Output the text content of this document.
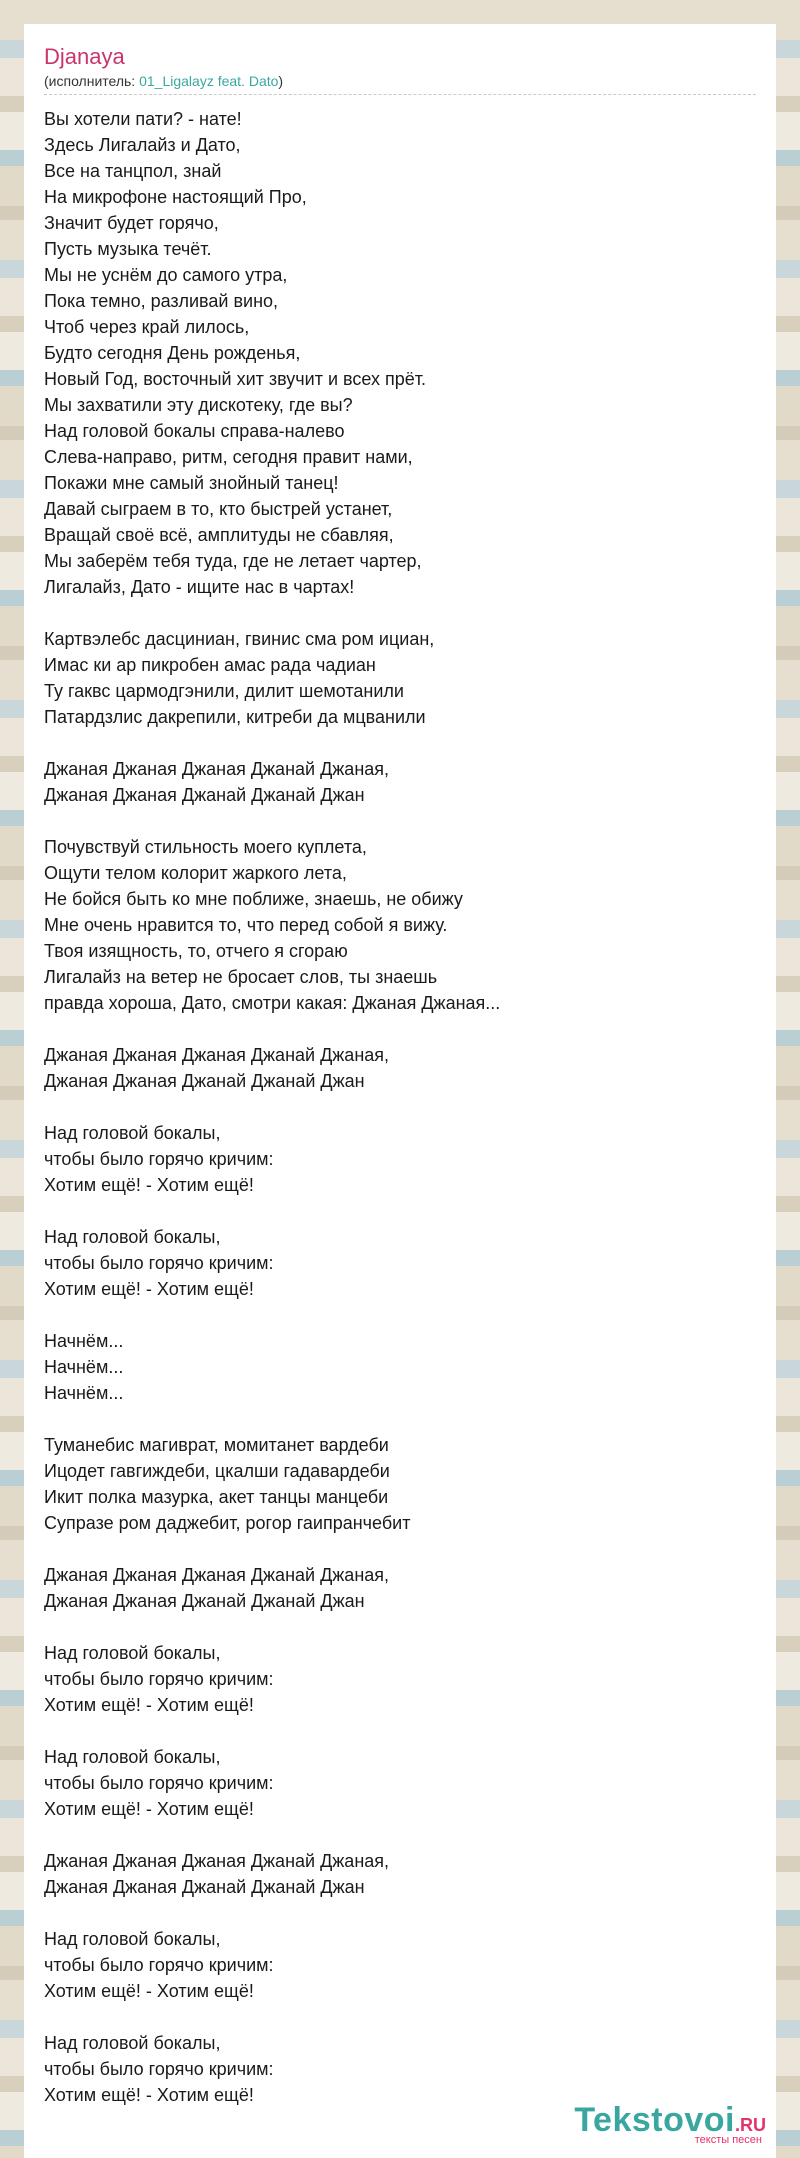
Djanaya
(исполнитель: 01_Ligalayz feat. Dato)
Вы хотели пати? - нате!
Здесь Лигалайз и Дато,
Все на танцпол, знай
На микрофоне настоящий Про,
Значит будет горячо,
Пусть музыка течёт.
Мы не уснём до самого утра,
Пока темно, разливай вино,
Чтоб через край лилось,
Будто сегодня День рожденья,
Новый Год, восточный хит звучит и всех прёт.
Мы захватили эту дискотеку, где вы?
Над головой бокалы справа-налево
Слева-направо, ритм, сегодня правит нами,
Покажи мне самый знойный танец!
Давай сыграем в то, кто быстрей устанет,
Вращай своё всё, амплитуды не сбавляя,
Мы заберём тебя туда, где не летает чартер,
Лигалайз, Дато - ищите нас в чартах!
Картвэлебс дасциниан, гвинис сма ром ициан,
Имас ки ар пикробен амас рада чадиан
Ту гаквс цармодгэнили, дилит шемотанили
Патардзлис дакрепили, китреби да мцванили
Джаная Джаная Джаная Джанай Джаная,
Джаная Джаная Джанай Джанай Джан
Почувствуй стильность моего куплета,
Ощути телом колорит жаркого лета,
Не бойся быть ко мне поближе, знаешь, не обижу
Мне очень нравится то, что перед собой я вижу.
Твоя изящность, то, отчего я сгораю
Лигалайз на ветер не бросает слов, ты знаешь
правда хороша, Дато, смотри какая: Джаная Джаная...
Джаная Джаная Джаная Джанай Джаная,
Джаная Джаная Джанай Джанай Джан
Над головой бокалы,
чтобы было горячо кричим:
Хотим ещё! - Хотим ещё!
Над головой бокалы,
чтобы было горячо кричим:
Хотим ещё! - Хотим ещё!
Начнём...
Начнём...
Начнём...
Туманебис магиврат, момитанет вардеби
Ицодет гавгиждеби, цкалши гадавардеби
Икит полка мазурка, акет танцы манцеби
Супразе ром даджебит, рогор гаипранчебит
Джаная Джаная Джаная Джанай Джаная,
Джаная Джаная Джанай Джанай Джан
Над головой бокалы,
чтобы было горячо кричим:
Хотим ещё! - Хотим ещё!
Над головой бокалы,
чтобы было горячо кричим:
Хотим ещё! - Хотим ещё!
Джаная Джаная Джаная Джанай Джаная,
Джаная Джаная Джанай Джанай Джан
Над головой бокалы,
чтобы было горячо кричим:
Хотим ещё! - Хотим ещё!
Над головой бокалы,
чтобы было горячо кричим:
Хотим ещё! - Хотим ещё!
Tekstovoi.RU
тексты песен
